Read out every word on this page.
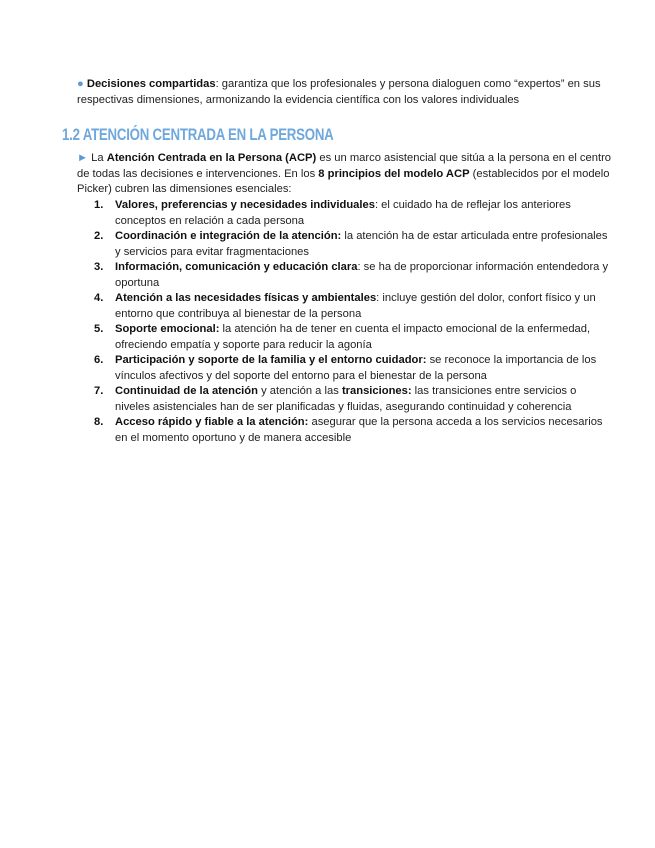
● Decisiones compartidas: garantiza que los profesionales y persona dialoguen como “expertos” en sus respectivas dimensiones, armonizando la evidencia científica con los valores individuales

1.2 ATENCIÓN CENTRADA EN LA PERSONA

► La Atención Centrada en la Persona (ACP) es un marco asistencial que sitúa a la persona en el centro de todas las decisiones e intervenciones. En los 8 principios del modelo ACP (establecidos por el modelo Picker) cubren las dimensiones esenciales:

1. Valores, preferencias y necesidades individuales: el cuidado ha de reflejar los anteriores conceptos en relación a cada persona
2. Coordinación e integración de la atención: la atención ha de estar articulada entre profesionales y servicios para evitar fragmentaciones
3. Información, comunicación y educación clara: se ha de proporcionar información entendedora y oportuna
4. Atención a las necesidades físicas y ambientales: incluye gestión del dolor, confort físico y un entorno que contribuya al bienestar de la persona
5. Soporte emocional: la atención ha de tener en cuenta el impacto emocional de la enfermedad, ofreciendo empatía y soporte para reducir la agonía
6. Participación y soporte de la familia y el entorno cuidador: se reconoce la importancia de los vínculos afectivos y del soporte del entorno para el bienestar de la persona
7. Continuidad de la atención y atención a las transiciones: las transiciones entre servicios o niveles asistenciales han de ser planificadas y fluidas, asegurando continuidad y coherencia
8. Acceso rápido y fiable a la atención: asegurar que la persona acceda a los servicios necesarios en el momento oportuno y de manera accesible
